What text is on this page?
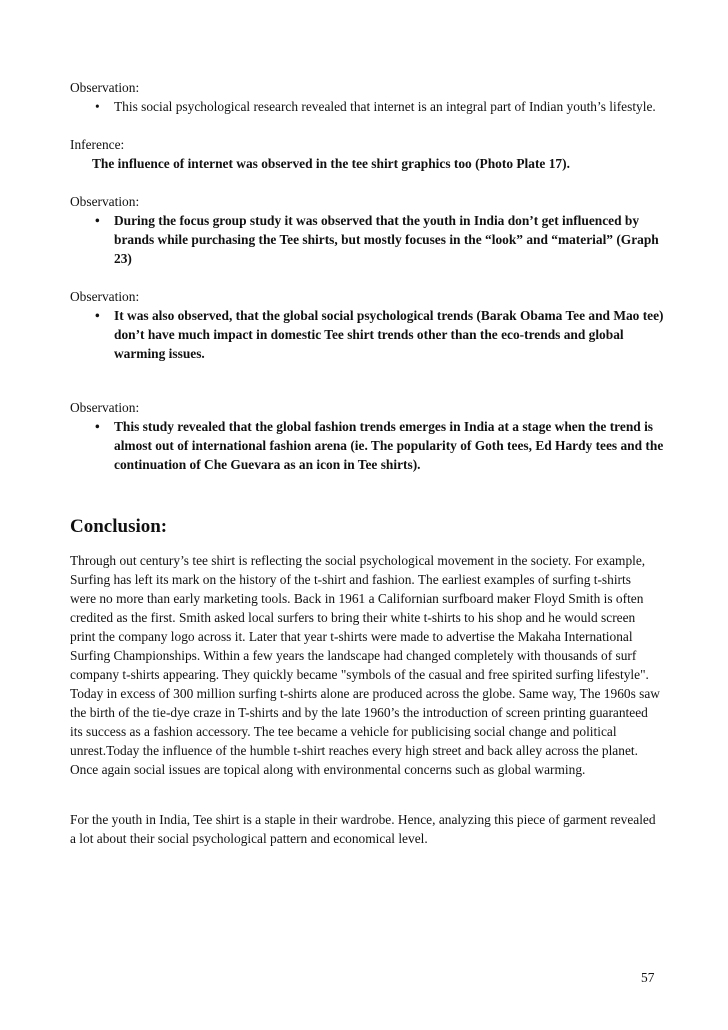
Observation:

• This social psychological research revealed that internet is an integral part of Indian youth’s lifestyle.

Inference:

The influence of internet was observed in the tee shirt graphics too (Photo Plate 17).

Observation:

• During the focus group study it was observed that the youth in India don’t get influenced by brands while purchasing the Tee shirts, but mostly focuses in the “look” and “material” (Graph 23)

Observation:

• It was also observed, that the global social psychological trends (Barak Obama Tee and Mao tee) don’t have much impact in domestic Tee shirt trends other than the eco-trends and global warming issues.

Observation:

• This study revealed that the global fashion trends emerges in India at a stage when the trend is almost out of international fashion arena (ie. The popularity of Goth tees, Ed Hardy tees and the continuation of Che Guevara as an icon in Tee shirts).
Conclusion:

Through out century’s tee shirt is reflecting the social psychological movement in the society. For example, Surfing has left its mark on the history of the t-shirt and fashion. The earliest examples of surfing t-shirts were no more than early marketing tools. Back in 1961 a Californian surfboard maker Floyd Smith is often credited as the first. Smith asked local surfers to bring their white t-shirts to his shop and he would screen print the company logo across it. Later that year t-shirts were made to advertise the Makaha International Surfing Championships. Within a few years the landscape had changed completely with thousands of surf company t-shirts appearing. They quickly became "symbols of the casual and free spirited surfing lifestyle". Today in excess of 300 million surfing t-shirts alone are produced across the globe. Same way, The 1960s saw the birth of the tie-dye craze in T-shirts and by the late 1960’s the introduction of screen printing guaranteed its success as a fashion accessory. The tee became a vehicle for publicising social change and political unrest.Today the influence of the humble t-shirt reaches every high street and back alley across the planet. Once again social issues are topical along with environmental concerns such as global warming.

For the youth in India, Tee shirt is a staple in their wardrobe. Hence, analyzing this piece of garment revealed a lot about their social psychological pattern and economical level.

57
